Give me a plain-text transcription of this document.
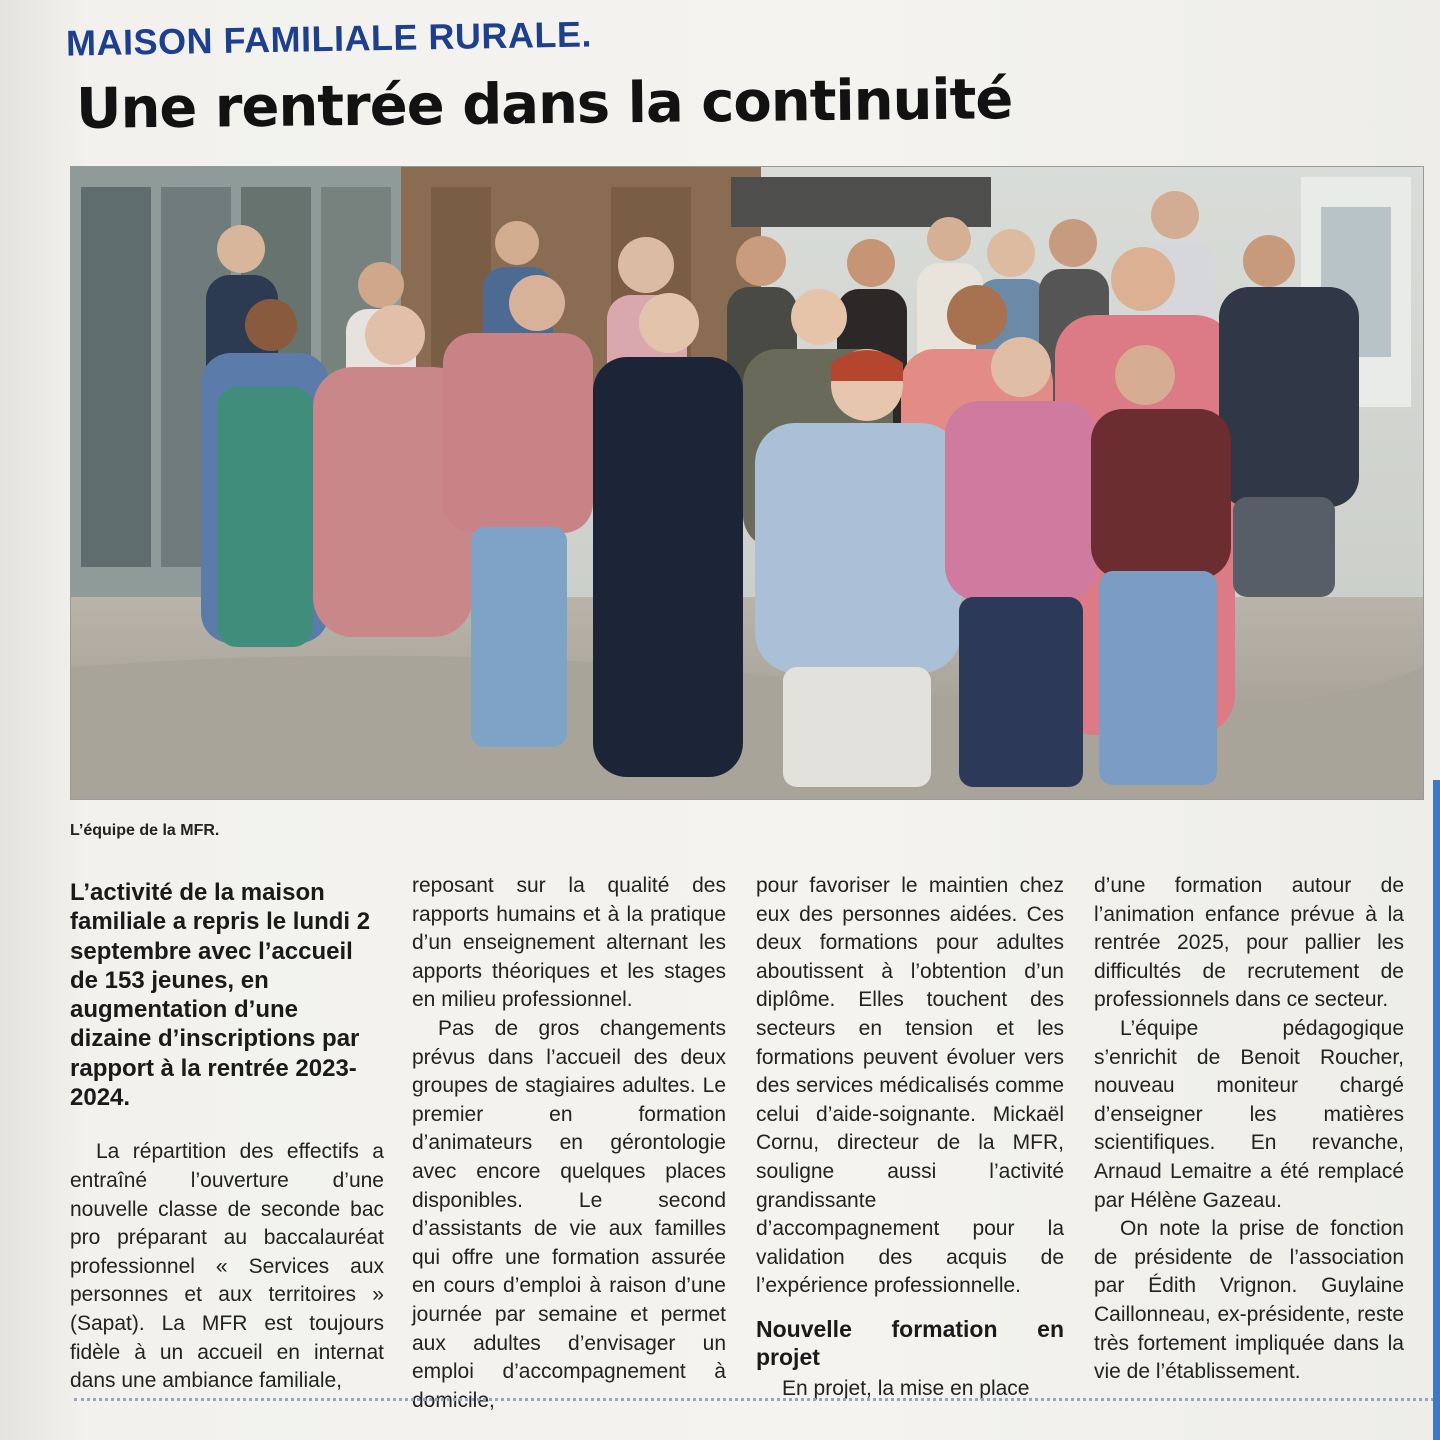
MAISON FAMILIALE RURALE.
Une rentrée dans la continuité
L’équipe de la MFR.
L’activité de la maison familiale a repris le lundi 2 septembre avec l’accueil de 153 jeunes, en augmentation d’une dizaine d’inscriptions par rapport à la rentrée 2023-2024.

La répartition des effectifs a entraîné l’ouverture d’une nouvelle classe de seconde bac pro préparant au baccalauréat professionnel « Services aux personnes et aux territoires » (Sapat). La MFR est toujours fidèle à un accueil en internat dans une ambiance familiale,

reposant sur la qualité des rapports humains et à la pratique d’un enseignement alternant les apports théoriques et les stages en milieu professionnel.

Pas de gros changements prévus dans l’accueil des deux groupes de stagiaires adultes. Le premier en formation d’animateurs en gérontologie avec encore quelques places disponibles. Le second d’assistants de vie aux familles qui offre une formation assurée en cours d’emploi à raison d’une journée par semaine et permet aux adultes d’envisager un emploi d’accompagnement à domicile,

pour favoriser le maintien chez eux des personnes aidées. Ces deux formations pour adultes aboutissent à l’obtention d’un diplôme. Elles touchent des secteurs en tension et les formations peuvent évoluer vers des services médicalisés comme celui d’aide-soignante. Mickaël Cornu, directeur de la MFR, souligne aussi l’activité grandissante d’accompagnement pour la validation des acquis de l’expérience professionnelle.

Nouvelle formation en projet

En projet, la mise en place

d’une formation autour de l’animation enfance prévue à la rentrée 2025, pour pallier les difficultés de recrutement de professionnels dans ce secteur.

L’équipe pédagogique s’enrichit de Benoit Roucher, nouveau moniteur chargé d’enseigner les matières scientifiques. En revanche, Arnaud Lemaitre a été remplacé par Hélène Gazeau.

On note la prise de fonction de présidente de l’association par Édith Vrignon. Guylaine Caillonneau, ex-présidente, reste très fortement impliquée dans la vie de l’établissement.
